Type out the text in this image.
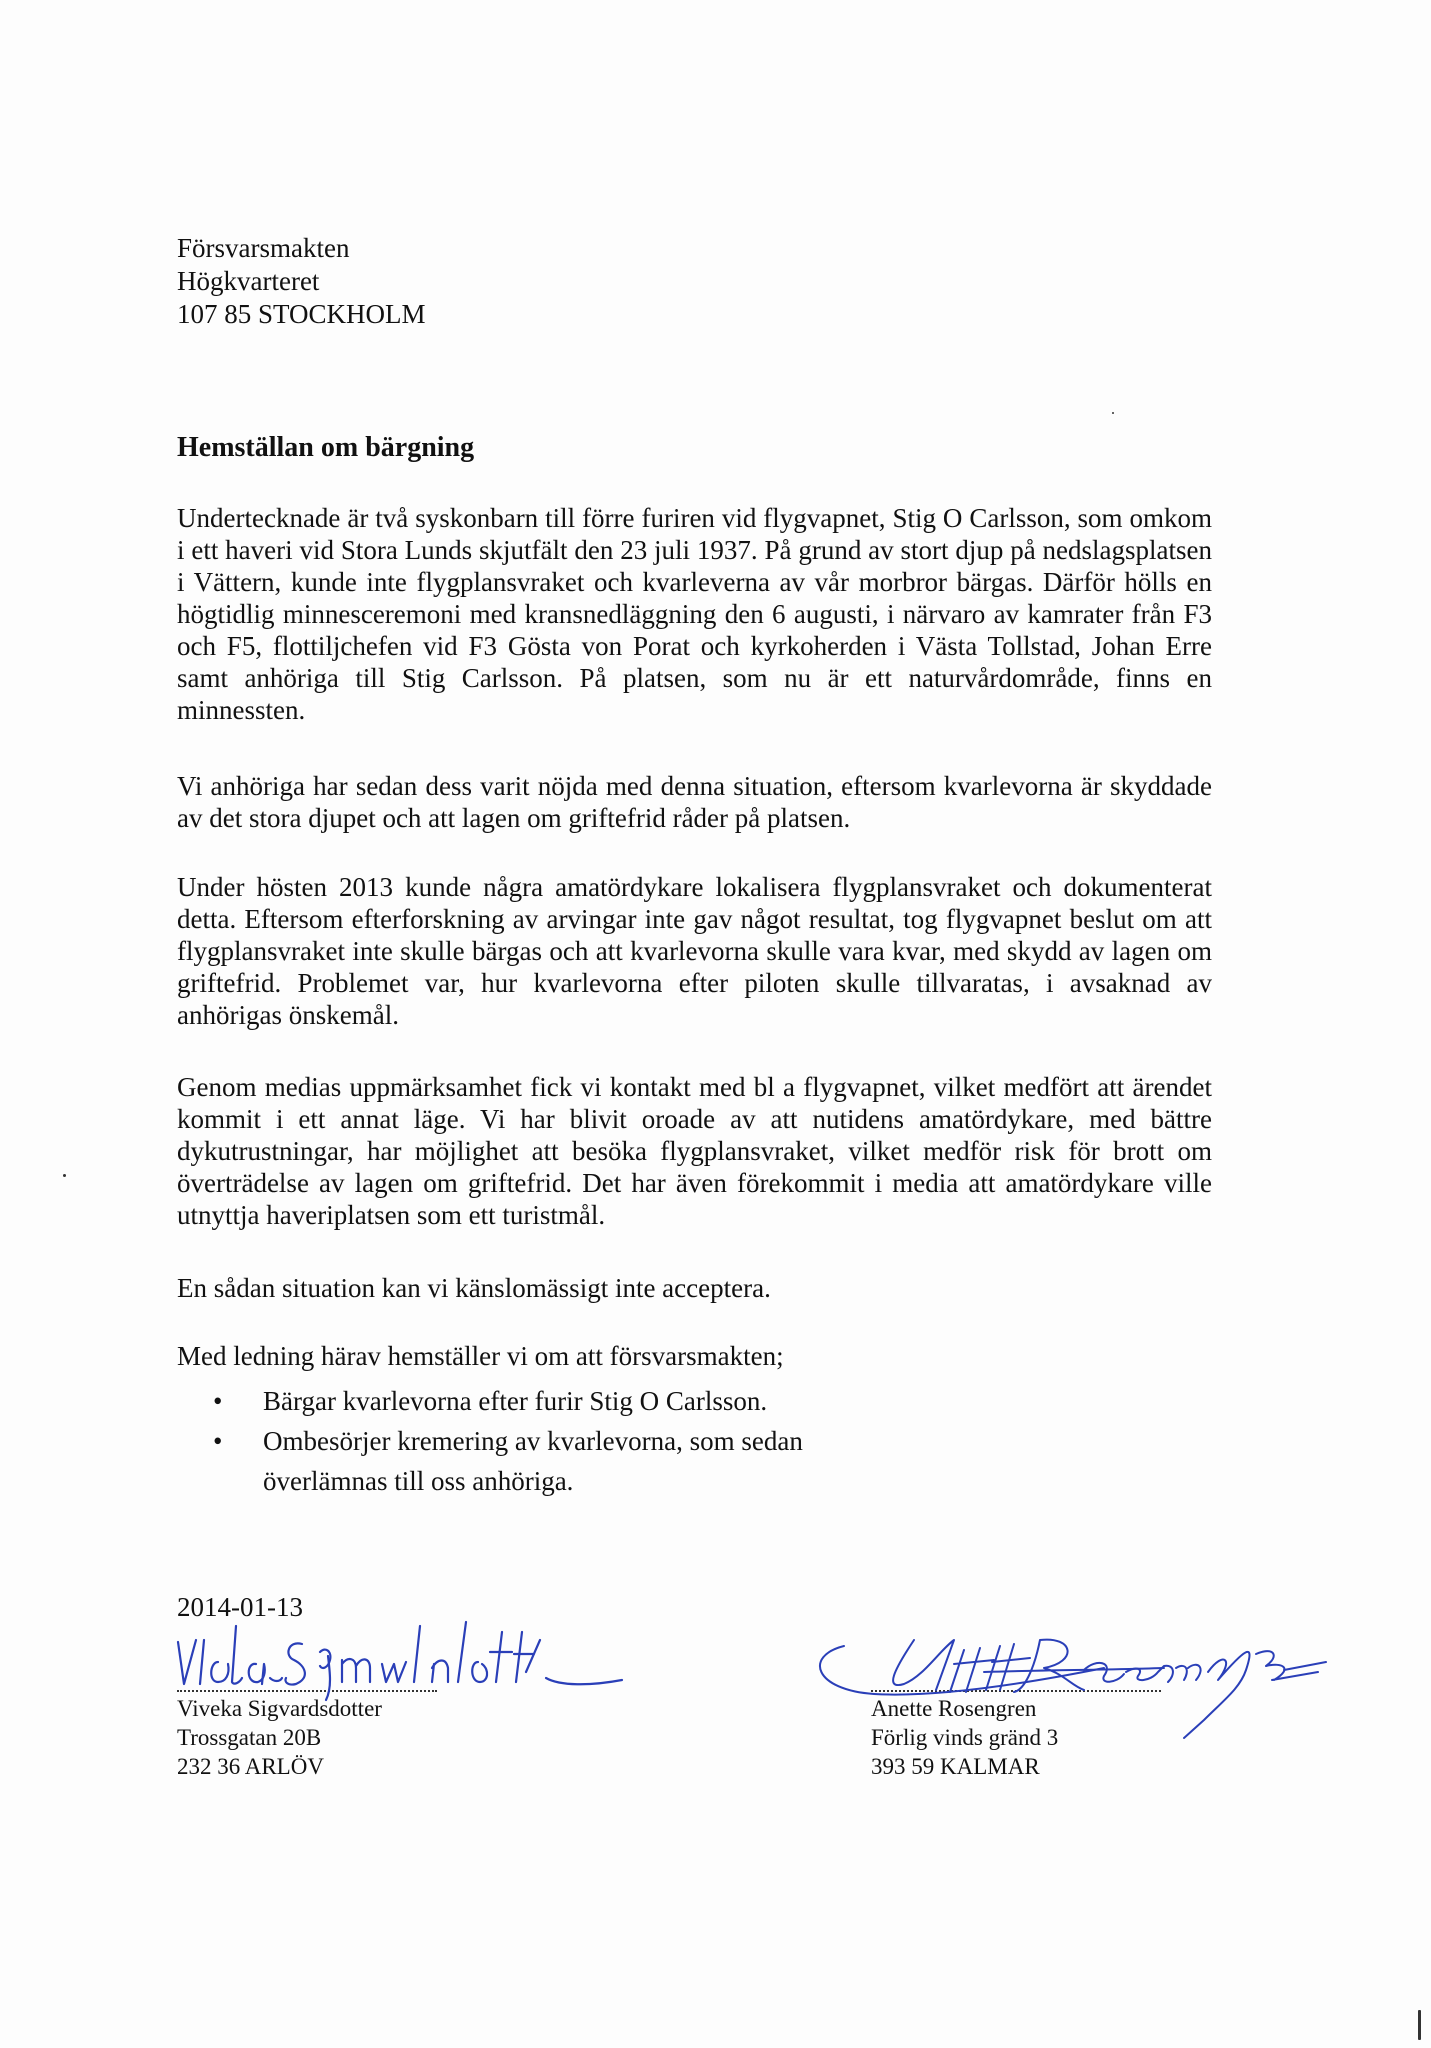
Försvarsmakten
Högkvarteret
107 85 STOCKHOLM
Hemställan om bärgning
Undertecknade är två syskonbarn till förre furiren vid flygvapnet, Stig O Carlsson, som omkom i ett haveri vid Stora Lunds skjutfält den 23 juli 1937. På grund av stort djup på nedslagsplatsen i Vättern, kunde inte flygplansvraket och kvarleverna av vår morbror bärgas. Därför hölls en högtidlig minnesceremoni med kransnedläggning den 6 augusti, i närvaro av kamrater från F3 och F5, flottiljchefen vid F3 Gösta von Porat och kyrkoherden i Västa Tollstad, Johan Erre samt anhöriga till Stig Carlsson. På platsen, som nu är ett naturvårdområde, finns en minnessten.
Vi anhöriga har sedan dess varit nöjda med denna situation, eftersom kvarlevorna är skyddade av det stora djupet och att lagen om griftefrid råder på platsen.
Under hösten 2013 kunde några amatördykare lokalisera flygplansvraket och dokumenterat detta. Eftersom efterforskning av arvingar inte gav något resultat, tog flygvapnet beslut om att flygplansvraket inte skulle bärgas och att kvarlevorna skulle vara kvar, med skydd av lagen om griftefrid. Problemet var, hur kvarlevorna efter piloten skulle tillvaratas, i avsaknad av anhörigas önskemål.
Genom medias uppmärksamhet fick vi kontakt med bl a flygvapnet, vilket medfört att ärendet kommit i ett annat läge. Vi har blivit oroade av att nutidens amatördykare, med bättre dykutrustningar, har möjlighet att besöka flygplansvraket, vilket medför risk för brott om överträdelse av lagen om griftefrid. Det har även förekommit i media att amatördykare ville utnyttja haveriplatsen som ett turistmål.
En sådan situation kan vi känslomässigt inte acceptera.
Med ledning härav hemställer vi om att försvarsmakten;
• Bärgar kvarlevorna efter furir Stig O Carlsson.
• Ombesörjer kremering av kvarlevorna, som sedan överlämnas till oss anhöriga.
2014-01-13
Viveka Sigvardsdotter
Trossgatan 20B
232 36 ARLÖV
Anette Rosengren
Förlig vinds gränd 3
393 59 KALMAR
